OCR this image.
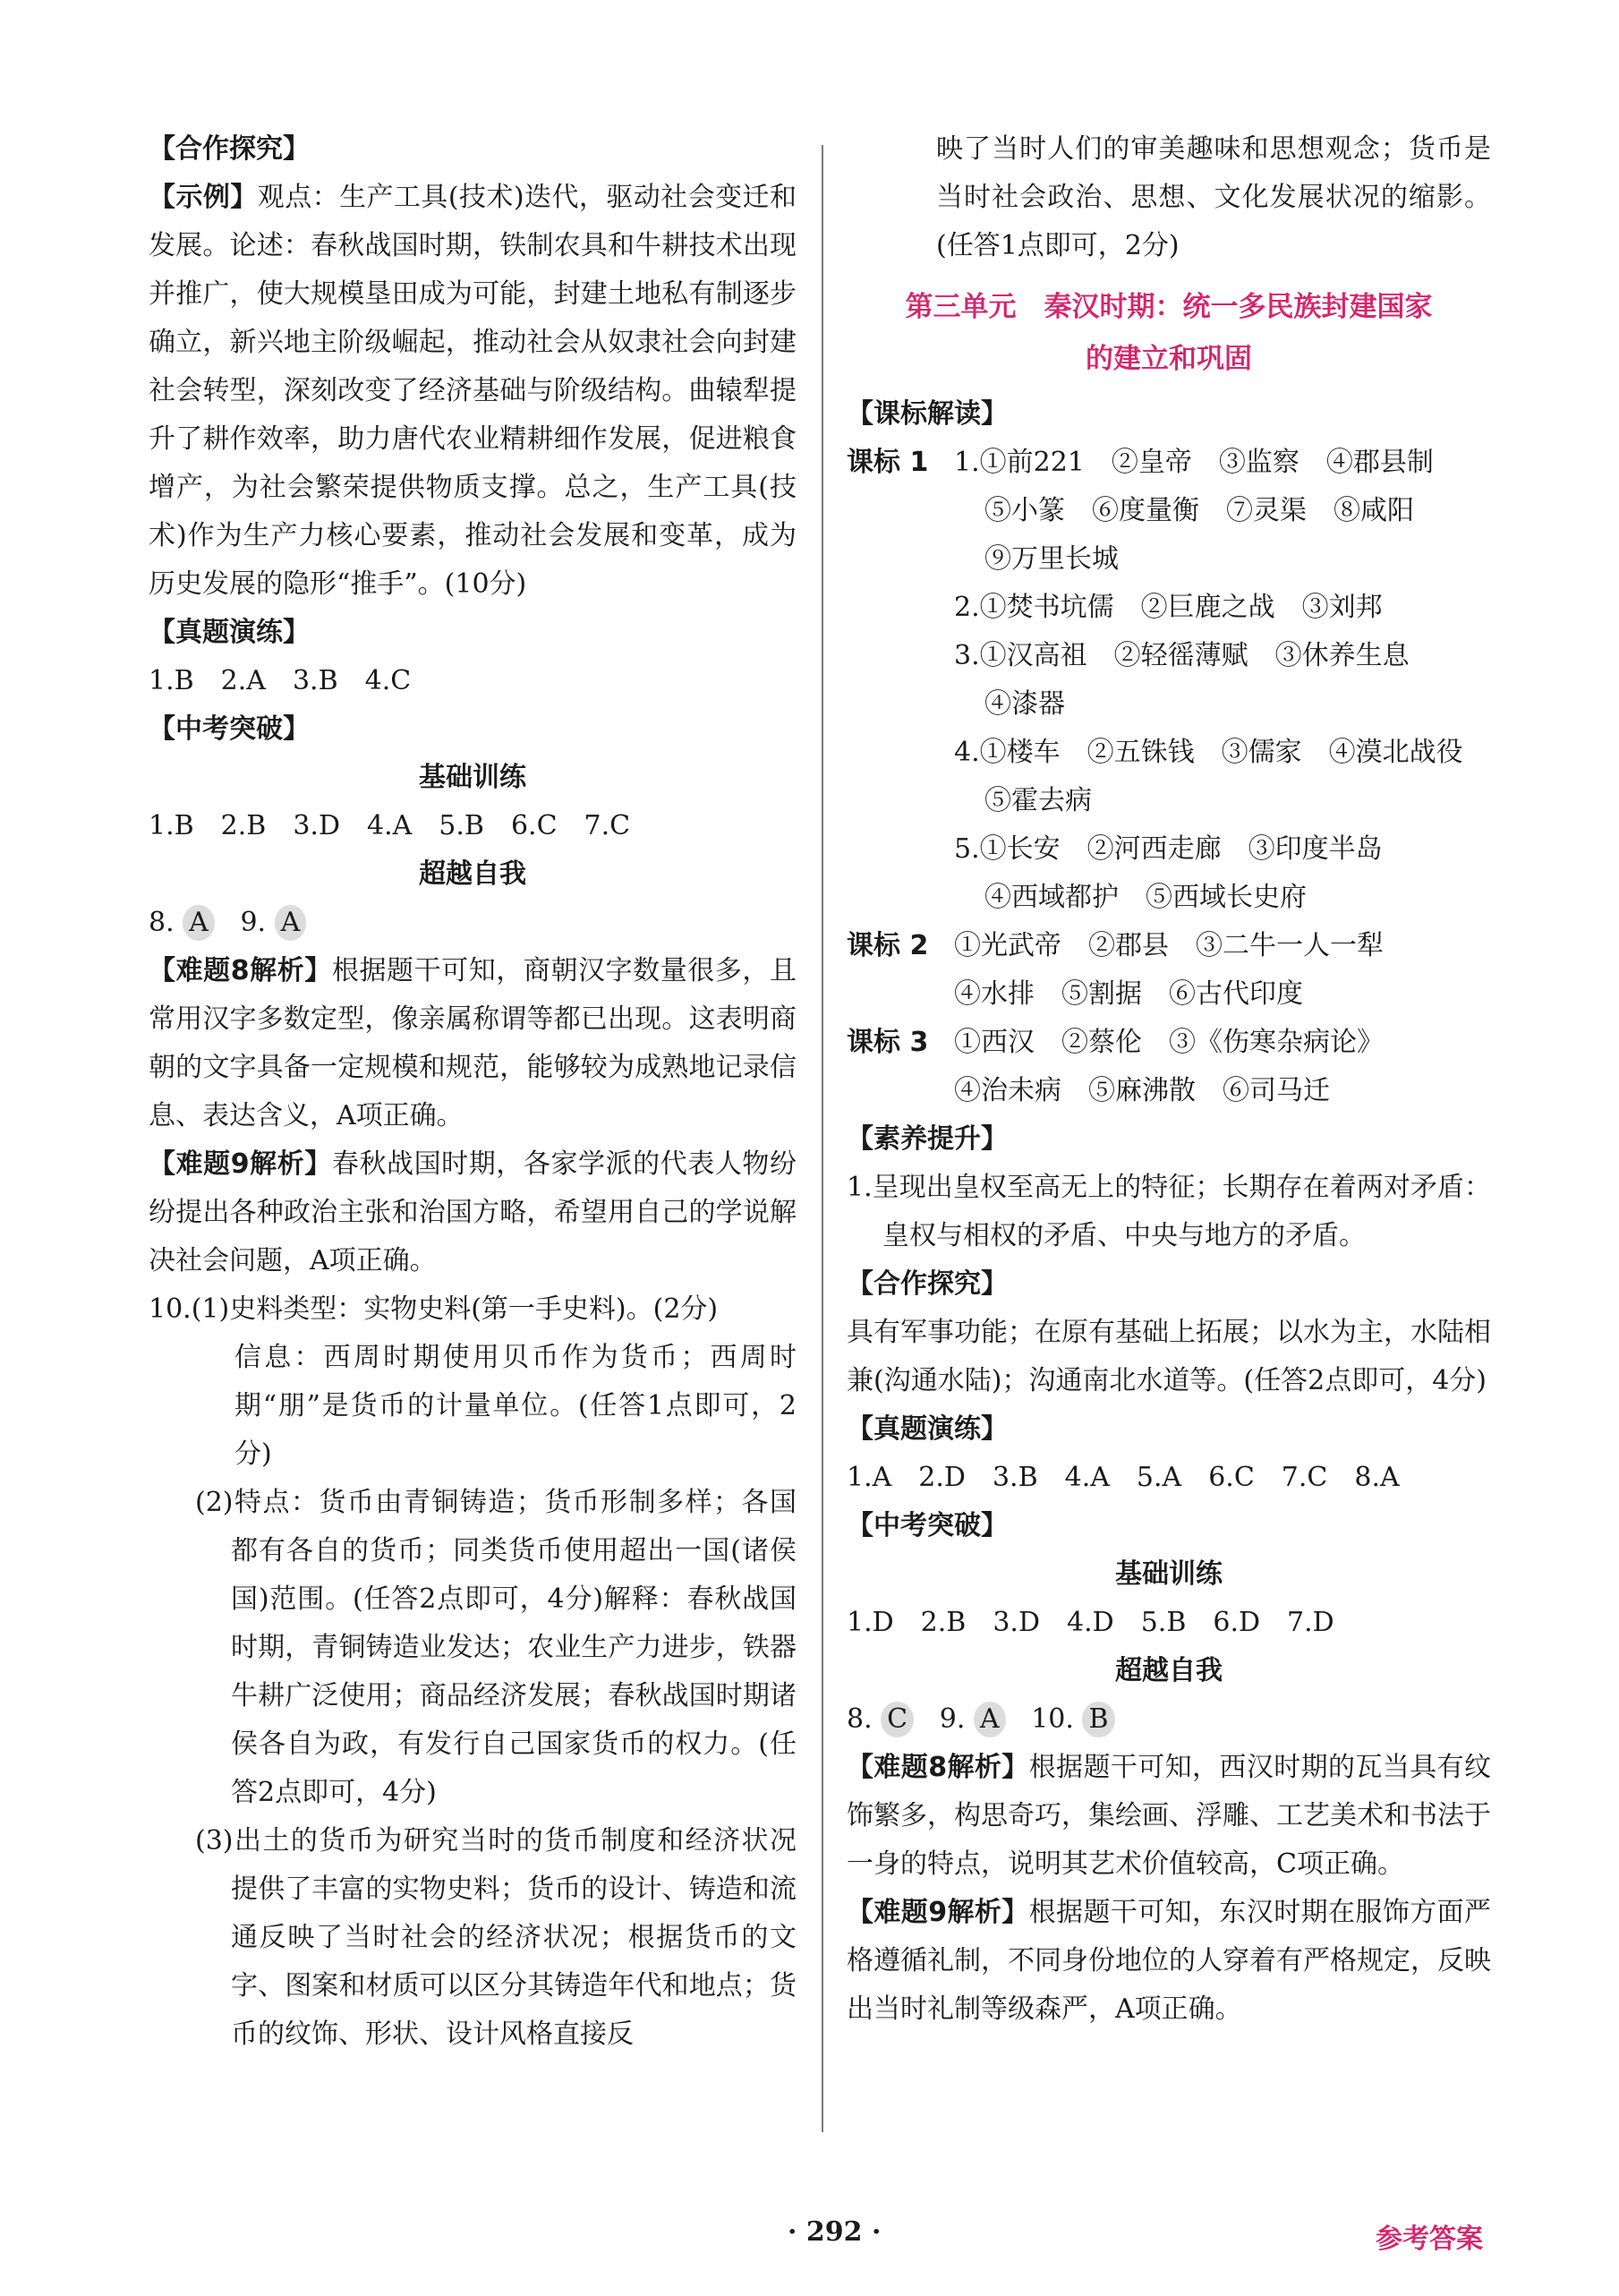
【合作探究】

【示例】观点：生产工具(技术)迭代，驱动社会变迁和发展。论述：春秋战国时期，铁制农具和牛耕技术出现并推广，使大规模垦田成为可能，封建土地私有制逐步确立，新兴地主阶级崛起，推动社会从奴隶社会向封建社会转型，深刻改变了经济基础与阶级结构。曲辕犁提升了耕作效率，助力唐代农业精耕细作发展，促进粮食增产，为社会繁荣提供物质支撑。总之，生产工具(技术)作为生产力核心要素，推动社会发展和变革，成为历史发展的隐形“推手”。(10分)

【真题演练】

1.B　2.A　3.B　4.C

【中考突破】

基础训练

1.B　2.B　3.D　4.A　5.B　6.C　7.C

超越自我

8. A 9. A

【难题8解析】根据题干可知，商朝汉字数量很多，且常用汉字多数定型，像亲属称谓等都已出现。这表明商朝的文字具备一定规模和规范，能够较为成熟地记录信息、表达含义，A项正确。

【难题9解析】春秋战国时期，各家学派的代表人物纷纷提出各种政治主张和治国方略，希望用自己的学说解决社会问题，A项正确。

10.(1)史料类型：实物史料(第一手史料)。(2分)

信息：西周时期使用贝币作为货币；西周时期“朋”是货币的计量单位。(任答1点即可，2分)

(2)特点：货币由青铜铸造；货币形制多样；各国都有各自的货币；同类货币使用超出一国(诸侯国)范围。(任答2点即可，4分)解释：春秋战国时期，青铜铸造业发达；农业生产力进步，铁器牛耕广泛使用；商品经济发展；春秋战国时期诸侯各自为政，有发行自己国家货币的权力。(任答2点即可，4分)

(3)出土的货币为研究当时的货币制度和经济状况提供了丰富的实物史料；货币的设计、铸造和流通反映了当时社会的经济状况；根据货币的文字、图案和材质可以区分其铸造年代和地点；货币的纹饰、形状、设计风格直接反

映了当时人们的审美趣味和思想观念；货币是当时社会政治、思想、文化发展状况的缩影。(任答1点即可，2分)

第三单元　秦汉时期：统一多民族封建国家
的建立和巩固

【课标解读】

课标 1 1.①前221　②皇帝　③监察　④郡县制
⑤小篆　⑥度量衡　⑦灵渠　⑧咸阳
⑨万里长城
2.①焚书坑儒　②巨鹿之战　③刘邦
3.①汉高祖　②轻徭薄赋　③休养生息
④漆器
4.①楼车　②五铢钱　③儒家　④漠北战役
⑤霍去病
5.①长安　②河西走廊　③印度半岛
④西域都护　⑤西域长史府
课标 2 ①光武帝　②郡县　③二牛一人一犁
④水排　⑤割据　⑥古代印度
课标 3 ①西汉　②蔡伦　③《伤寒杂病论》
④治未病　⑤麻沸散　⑥司马迁

【素养提升】

1.呈现出皇权至高无上的特征；长期存在着两对矛盾：皇权与相权的矛盾、中央与地方的矛盾。

【合作探究】

具有军事功能；在原有基础上拓展；以水为主，水陆相兼(沟通水陆)；沟通南北水道等。(任答2点即可，4分)

【真题演练】

1.A　2.D　3.B　4.A　5.A　6.C　7.C　8.A

【中考突破】

基础训练

1.D　2.B　3.D　4.D　5.B　6.D　7.D

超越自我

8. C 9. A 10. B

【难题8解析】根据题干可知，西汉时期的瓦当具有纹饰繁多，构思奇巧，集绘画、浮雕、工艺美术和书法于一身的特点，说明其艺术价值较高，C项正确。

【难题9解析】根据题干可知，东汉时期在服饰方面严格遵循礼制，不同身份地位的人穿着有严格规定，反映出当时礼制等级森严，A项正确。

· 292 ·	参考答案
